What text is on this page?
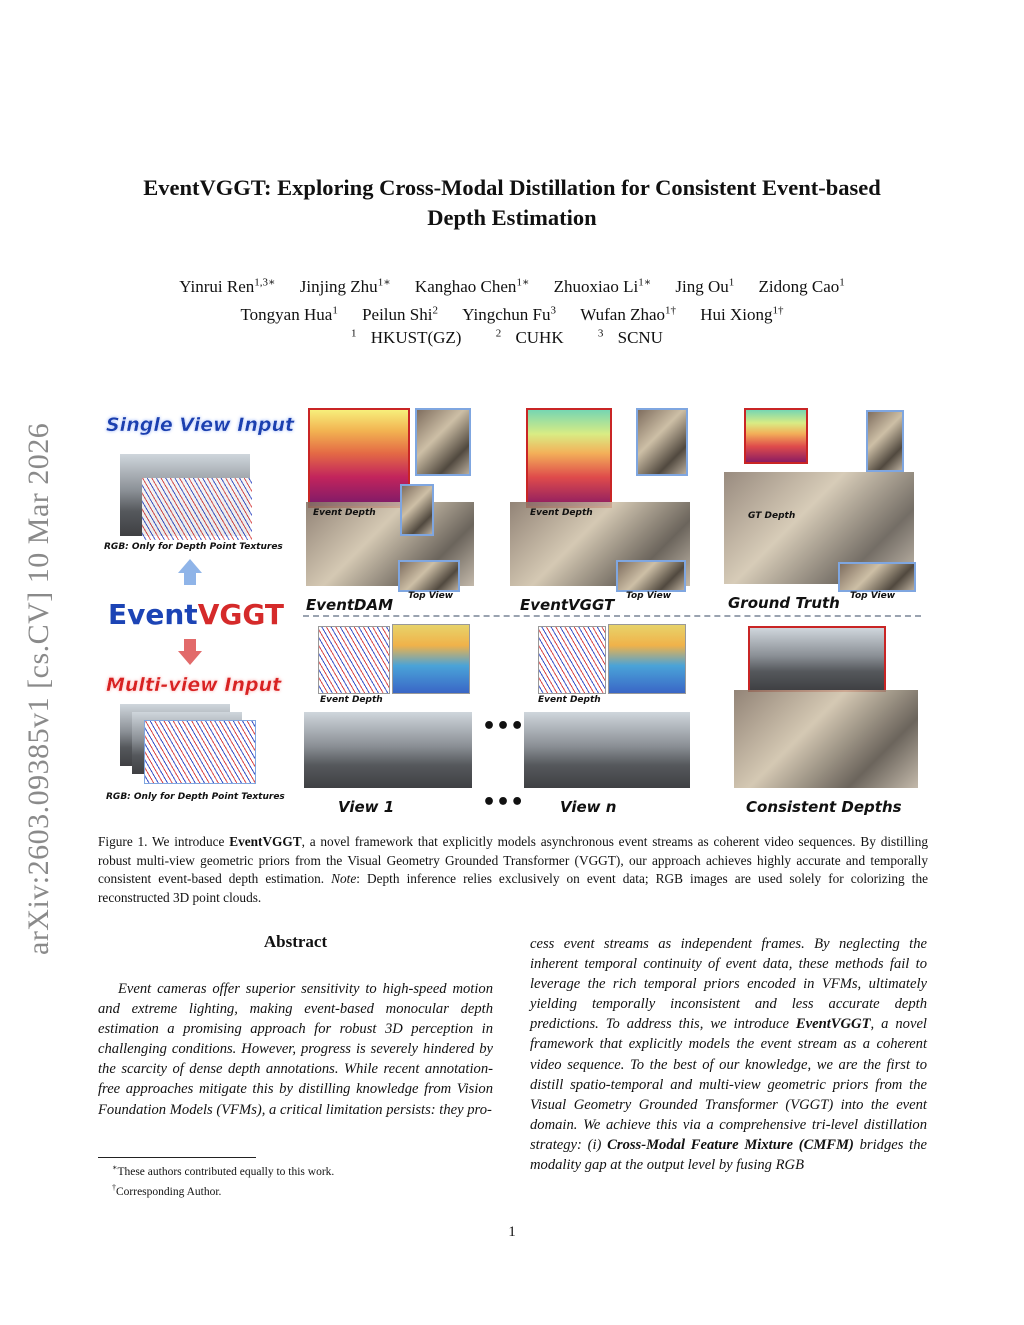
arXiv:2603.09385v1 [cs.CV] 10 Mar 2026
EventVGGT: Exploring Cross-Modal Distillation for Consistent Event-based
Depth Estimation
Yinrui Ren$^{1,3∗}$ Jinjing Zhu$^{1∗}$ Kanghao Chen$^{1∗}$ Zhuoxiao $Li^{1∗}$ Jing Ou$^1$ Zidong Cao$^1$
Tongyan Hua$^1$ Peilun Shi$^2$ Yingchun Fu$^3$ Wufan Zhao$^{1\dagger}$ Hui Xiong$^{1\dagger}$
$^1$ HKUST(GZ)	$^2$ CUHK	$^3$ SCNU
Single View Input
RGB: Only for Depth Point Textures
EventVGGT
Multi-view Input
RGB: Only for Depth Point Textures
Event Depth
Top View
EventDAM
Event Depth
Top View
EventVGGT
GT Depth
Top View
Ground Truth
Event Depth
View 1
•••
•••
Event Depth
View n	Consistent Depths
Figure 1. We introduce EventVGGT, a novel framework that explicitly models asynchronous event streams as coherent video sequences. By distilling robust multi-view geometric priors from the Visual Geometry Grounded Transformer (VGGT), our approach achieves highly accurate and temporally consistent event-based depth estimation. Note: Depth inference relies exclusively on event data; RGB images are used solely for colorizing the reconstructed 3D point clouds.
Abstract
Event cameras offer superior sensitivity to high-speed motion and extreme lighting, making event-based monocular depth estimation a promising approach for robust 3D perception in challenging conditions. However, progress is severely hindered by the scarcity of dense depth annotations. While recent annotation-free approaches mitigate this by distilling knowledge from Vision Foundation Models (VFMs), a critical limitation persists: they pro-
cess event streams as independent frames. By neglecting the inherent temporal continuity of event data, these methods fail to leverage the rich temporal priors encoded in VFMs, ultimately yielding temporally inconsistent and less accurate depth predictions. To address this, we introduce EventVGGT, a novel framework that explicitly models the event stream as a coherent video sequence. To the best of our knowledge, we are the first to distill spatio-temporal and multi-view geometric priors from the Visual Geometry Grounded Transformer (VGGT) into the event domain. We achieve this via a comprehensive tri-level distillation strategy: (i) Cross-Modal Feature Mixture (CMFM) bridges the modality gap at the output level by fusing RGB
∗These authors contributed equally to this work.
†Corresponding Author.
1
